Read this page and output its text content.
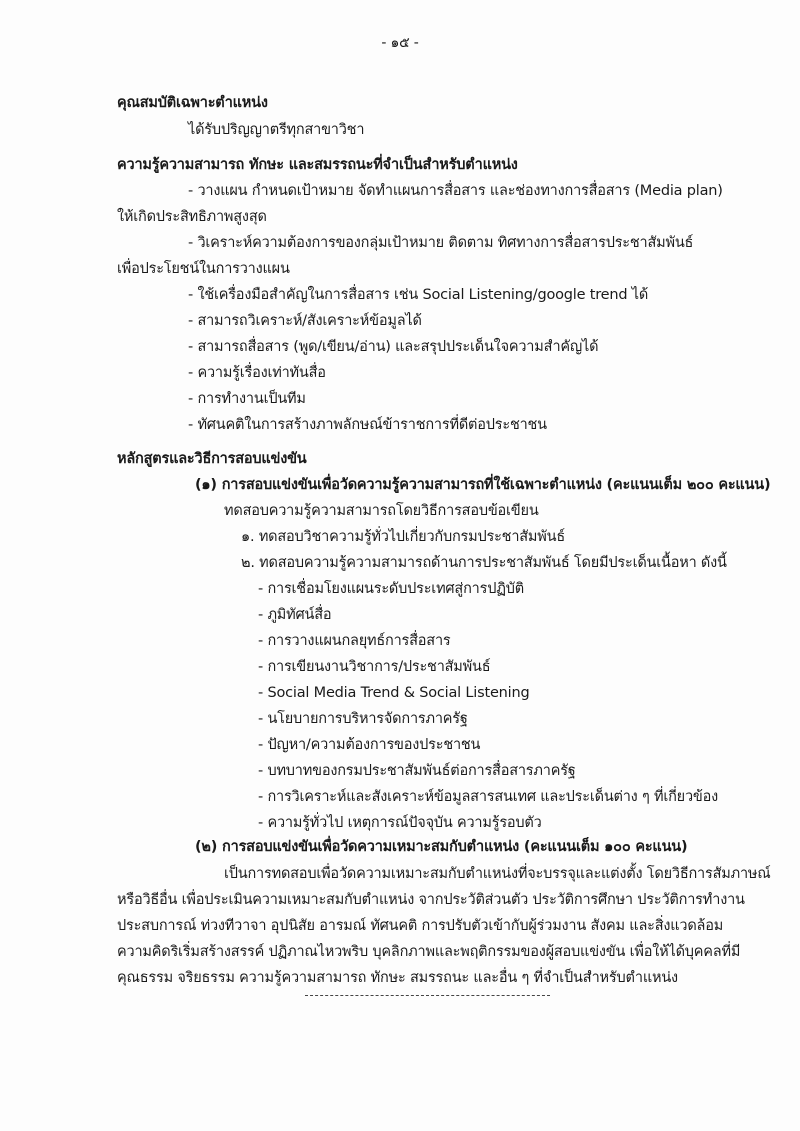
- ๑๕ -
คุณสมบัติเฉพาะตำแหน่ง
ได้รับปริญญาตรีทุกสาขาวิชา
ความรู้ความสามารถ ทักษะ และสมรรถนะที่จำเป็นสำหรับตำแหน่ง
- วางแผน กำหนดเป้าหมาย จัดทำแผนการสื่อสาร และช่องทางการสื่อสาร (Media plan)
ให้เกิดประสิทธิภาพสูงสุด
- วิเคราะห์ความต้องการของกลุ่มเป้าหมาย ติดตาม ทิศทางการสื่อสารประชาสัมพันธ์
เพื่อประโยชน์ในการวางแผน
- ใช้เครื่องมือสำคัญในการสื่อสาร เช่น Social Listening/google trend ได้
- สามารถวิเคราะห์/สังเคราะห์ข้อมูลได้
- สามารถสื่อสาร (พูด/เขียน/อ่าน) และสรุปประเด็นใจความสำคัญได้
- ความรู้เรื่องเท่าทันสื่อ
- การทำงานเป็นทีม
- ทัศนคติในการสร้างภาพลักษณ์ข้าราชการที่ดีต่อประชาชน
หลักสูตรและวิธีการสอบแข่งขัน
(๑) การสอบแข่งขันเพื่อวัดความรู้ความสามารถที่ใช้เฉพาะตำแหน่ง (คะแนนเต็ม ๒๐๐ คะแนน)
ทดสอบความรู้ความสามารถโดยวิธีการสอบข้อเขียน
๑. ทดสอบวิชาความรู้ทั่วไปเกี่ยวกับกรมประชาสัมพันธ์
๒. ทดสอบความรู้ความสามารถด้านการประชาสัมพันธ์ โดยมีประเด็นเนื้อหา ดังนี้
- การเชื่อมโยงแผนระดับประเทศสู่การปฏิบัติ
- ภูมิทัศน์สื่อ
- การวางแผนกลยุทธ์การสื่อสาร
- การเขียนงานวิชาการ/ประชาสัมพันธ์
- Social Media Trend & Social Listening
- นโยบายการบริหารจัดการภาครัฐ
- ปัญหา/ความต้องการของประชาชน
- บทบาทของกรมประชาสัมพันธ์ต่อการสื่อสารภาครัฐ
- การวิเคราะห์และสังเคราะห์ข้อมูลสารสนเทศ และประเด็นต่าง ๆ ที่เกี่ยวข้อง
- ความรู้ทั่วไป เหตุการณ์ปัจจุบัน ความรู้รอบตัว
(๒) การสอบแข่งขันเพื่อวัดความเหมาะสมกับตำแหน่ง (คะแนนเต็ม ๑๐๐ คะแนน)
เป็นการทดสอบเพื่อวัดความเหมาะสมกับตำแหน่งที่จะบรรจุและแต่งตั้ง โดยวิธีการสัมภาษณ์
หรือวิธีอื่น เพื่อประเมินความเหมาะสมกับตำแหน่ง จากประวัติส่วนตัว ประวัติการศึกษา ประวัติการทำงาน
ประสบการณ์ ท่วงทีวาจา อุปนิสัย อารมณ์ ทัศนคติ การปรับตัวเข้ากับผู้ร่วมงาน สังคม และสิ่งแวดล้อม
ความคิดริเริ่มสร้างสรรค์ ปฏิภาณไหวพริบ บุคลิกภาพและพฤติกรรมของผู้สอบแข่งขัน เพื่อให้ได้บุคคลที่มี
คุณธรรม จริยธรรม ความรู้ความสามารถ ทักษะ สมรรถนะ และอื่น ๆ ที่จำเป็นสำหรับตำแหน่ง
